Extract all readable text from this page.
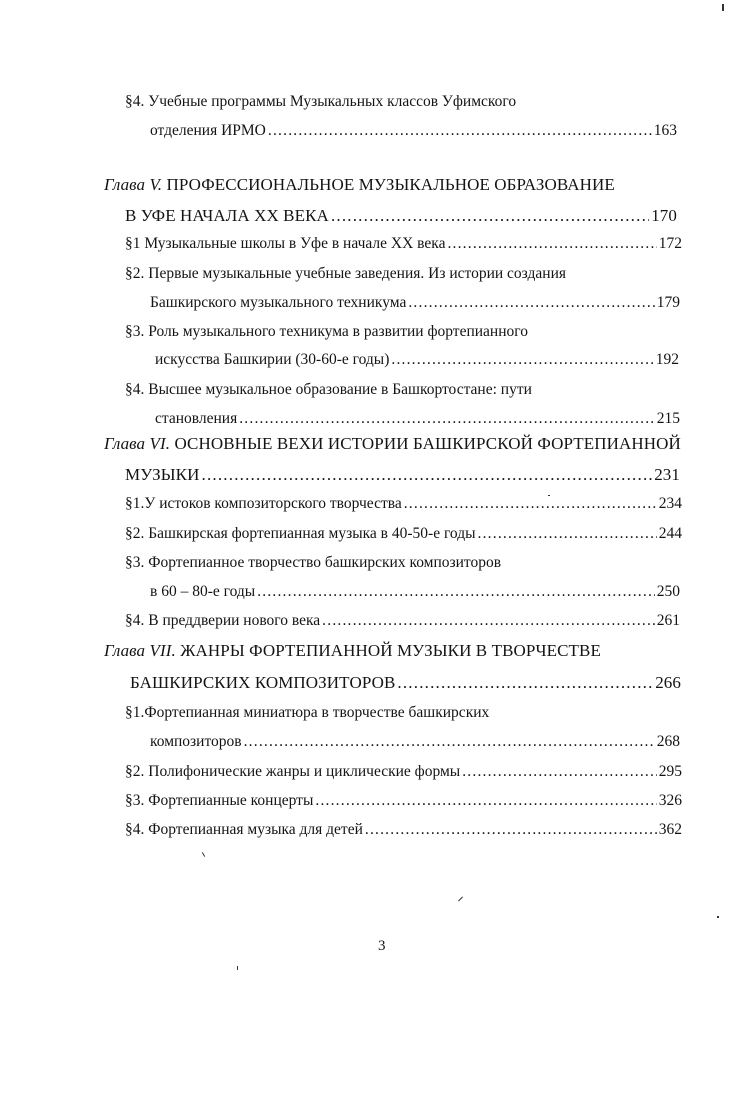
§4. Учебные программы Музыкальных классов Уфимского
отделения ИРМО .....	163
Глава V. ПРОФЕССИОНАЛЬНОЕ МУЗЫКАЛЬНОЕ ОБРАЗОВАНИЕ
В УФЕ НАЧАЛА XX ВЕКА .....	170
§1 Музыкальные школы в Уфе в начале XX века .....	172
§2. Первые музыкальные учебные заведения. Из истории создания
Башкирского музыкального техникума .....	179
§3. Роль музыкального техникума в развитии фортепианного
искусства Башкирии (30-60-е годы) .....	192
§4. Высшее музыкальное образование в Башкортостане: пути
становления .....	215
Глава VI. ОСНОВНЫЕ ВЕХИ ИСТОРИИ БАШКИРСКОЙ ФОРТЕПИАННОЙ
МУЗЫКИ .....	231
§1.У истоков композиторского творчества .....	234
§2. Башкирская фортепианная музыка в 40-50-е годы .....	244
§3. Фортепианное творчество башкирских композиторов
в 60 – 80-е годы .....	250
§4. В преддверии нового века .....	261
Глава VII. ЖАНРЫ ФОРТЕПИАННОЙ МУЗЫКИ В ТВОРЧЕСТВЕ
БАШКИРСКИХ КОМПОЗИТОРОВ .....	266
§1.Фортепианная миниатюра в творчестве башкирских
композиторов .....	268
§2. Полифонические жанры и циклические формы .....	295
§3. Фортепианные концерты .....	326
§4. Фортепианная музыка для детей .....	362
3
